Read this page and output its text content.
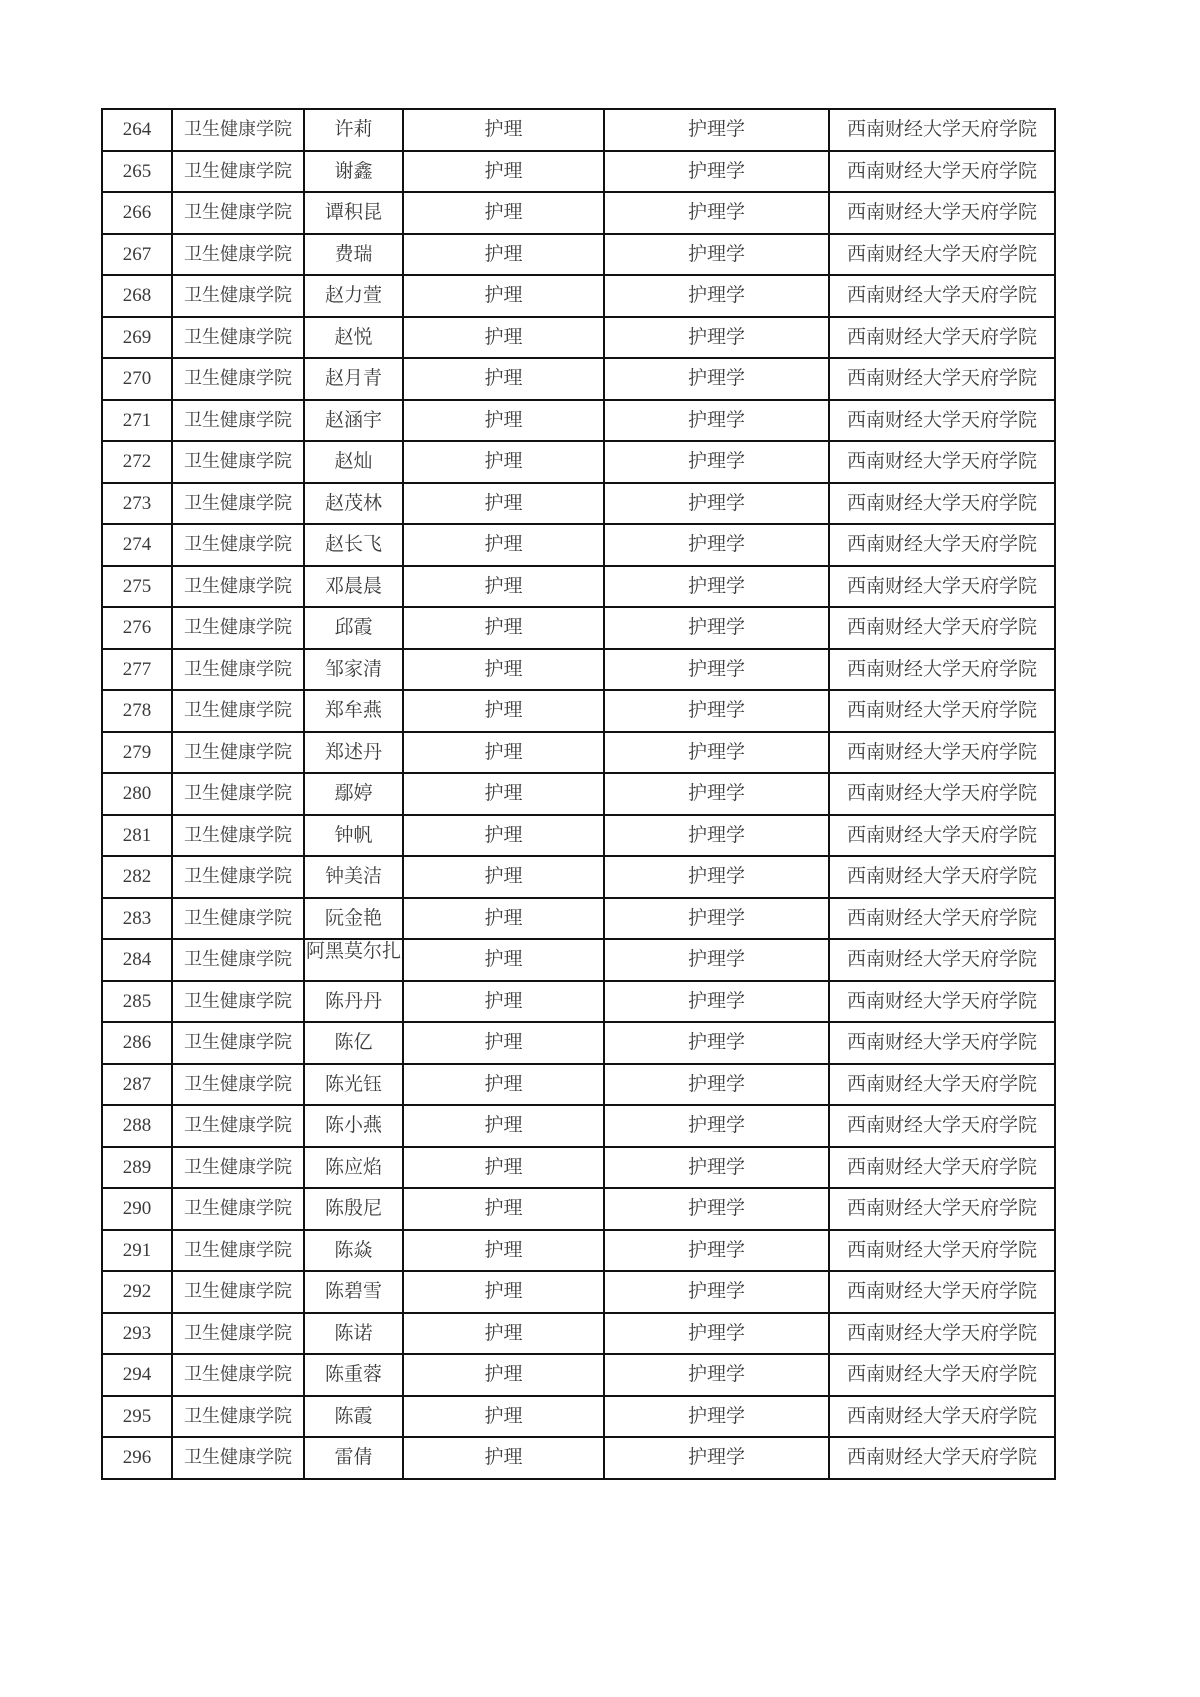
264	卫生健康学院	许莉	护理	护理学	西南财经大学天府学院
265	卫生健康学院	谢鑫	护理	护理学	西南财经大学天府学院
266	卫生健康学院	谭积昆	护理	护理学	西南财经大学天府学院
267	卫生健康学院	费瑞	护理	护理学	西南财经大学天府学院
268	卫生健康学院	赵力萱	护理	护理学	西南财经大学天府学院
269	卫生健康学院	赵悦	护理	护理学	西南财经大学天府学院
270	卫生健康学院	赵月青	护理	护理学	西南财经大学天府学院
271	卫生健康学院	赵涵宇	护理	护理学	西南财经大学天府学院
272	卫生健康学院	赵灿	护理	护理学	西南财经大学天府学院
273	卫生健康学院	赵茂林	护理	护理学	西南财经大学天府学院
274	卫生健康学院	赵长飞	护理	护理学	西南财经大学天府学院
275	卫生健康学院	邓晨晨	护理	护理学	西南财经大学天府学院
276	卫生健康学院	邱霞	护理	护理学	西南财经大学天府学院
277	卫生健康学院	邹家清	护理	护理学	西南财经大学天府学院
278	卫生健康学院	郑牟燕	护理	护理学	西南财经大学天府学院
279	卫生健康学院	郑述丹	护理	护理学	西南财经大学天府学院
280	卫生健康学院	鄢婷	护理	护理学	西南财经大学天府学院
281	卫生健康学院	钟帆	护理	护理学	西南财经大学天府学院
282	卫生健康学院	钟美洁	护理	护理学	西南财经大学天府学院
283	卫生健康学院	阮金艳	护理	护理学	西南财经大学天府学院
284	卫生健康学院	阿黑莫尔扎	护理	护理学	西南财经大学天府学院
285	卫生健康学院	陈丹丹	护理	护理学	西南财经大学天府学院
286	卫生健康学院	陈亿	护理	护理学	西南财经大学天府学院
287	卫生健康学院	陈光钰	护理	护理学	西南财经大学天府学院
288	卫生健康学院	陈小燕	护理	护理学	西南财经大学天府学院
289	卫生健康学院	陈应焰	护理	护理学	西南财经大学天府学院
290	卫生健康学院	陈殷尼	护理	护理学	西南财经大学天府学院
291	卫生健康学院	陈焱	护理	护理学	西南财经大学天府学院
292	卫生健康学院	陈碧雪	护理	护理学	西南财经大学天府学院
293	卫生健康学院	陈诺	护理	护理学	西南财经大学天府学院
294	卫生健康学院	陈重蓉	护理	护理学	西南财经大学天府学院
295	卫生健康学院	陈霞	护理	护理学	西南财经大学天府学院
296	卫生健康学院	雷倩	护理	护理学	西南财经大学天府学院
